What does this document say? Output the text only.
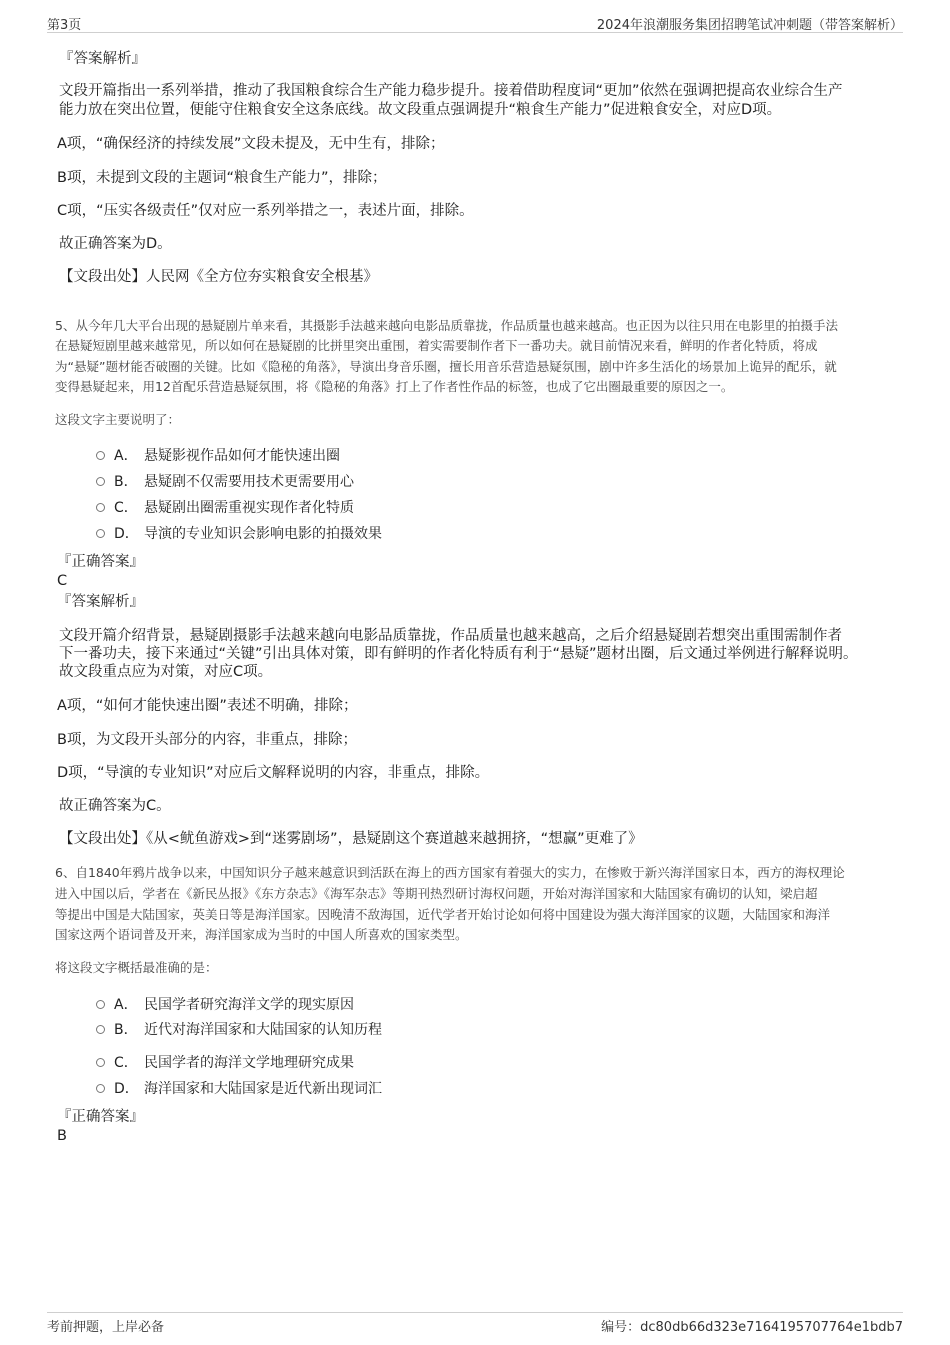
第3页	2024年浪潮服务集团招聘笔试冲刺题（带答案解析）
『答案解析』
文段开篇指出一系列举措，推动了我国粮食综合生产能力稳步提升。接着借助程度词“更加”依然在强调把提高农业综合生产
能力放在突出位置，便能守住粮食安全这条底线。故文段重点强调提升“粮食生产能力”促进粮食安全，对应D项。
A项，“确保经济的持续发展”文段未提及，无中生有，排除；
B项，未提到文段的主题词“粮食生产能力”，排除；
C项，“压实各级责任”仅对应一系列举措之一，表述片面，排除。
故正确答案为D。
【文段出处】人民网《全方位夯实粮食安全根基》
5、从今年几大平台出现的悬疑剧片单来看，其摄影手法越来越向电影品质靠拢，作品质量也越来越高。也正因为以往只用在电影里的拍摄手法
在悬疑短剧里越来越常见，所以如何在悬疑剧的比拼里突出重围，着实需要制作者下一番功夫。就目前情况来看，鲜明的作者化特质，将成
为“悬疑”题材能否破圈的关键。比如《隐秘的角落》，导演出身音乐圈，擅长用音乐营造悬疑氛围，剧中许多生活化的场景加上诡异的配乐，就
变得悬疑起来，用12首配乐营造悬疑氛围，将《隐秘的角落》打上了作者性作品的标签，也成了它出圈最重要的原因之一。
这段文字主要说明了：
A． 悬疑影视作品如何才能快速出圈
B． 悬疑剧不仅需要用技术更需要用心
C． 悬疑剧出圈需重视实现作者化特质
D． 导演的专业知识会影响电影的拍摄效果
『正确答案』
C
『答案解析』
文段开篇介绍背景，悬疑剧摄影手法越来越向电影品质靠拢，作品质量也越来越高，之后介绍悬疑剧若想突出重围需制作者
下一番功夫，接下来通过“关键”引出具体对策，即有鲜明的作者化特质有利于“悬疑”题材出圈，后文通过举例进行解释说明。
故文段重点应为对策，对应C项。
A项，“如何才能快速出圈”表述不明确，排除；
B项，为文段开头部分的内容，非重点，排除；
D项，“导演的专业知识”对应后文解释说明的内容，非重点，排除。
故正确答案为C。
【文段出处】《从<鱿鱼游戏>到“迷雾剧场”，悬疑剧这个赛道越来越拥挤，“想赢”更难了》
6、自1840年鸦片战争以来，中国知识分子越来越意识到活跃在海上的西方国家有着强大的实力，在惨败于新兴海洋国家日本，西方的海权理论
进入中国以后，学者在《新民丛报》《东方杂志》《海军杂志》等期刊热烈研讨海权问题，开始对海洋国家和大陆国家有确切的认知，梁启超
等提出中国是大陆国家，英美日等是海洋国家。因晚清不敌海国，近代学者开始讨论如何将中国建设为强大海洋国家的议题，大陆国家和海洋
国家这两个语词普及开来，海洋国家成为当时的中国人所喜欢的国家类型。
将这段文字概括最准确的是：
A． 民国学者研究海洋文学的现实原因
B． 近代对海洋国家和大陆国家的认知历程
C． 民国学者的海洋文学地理研究成果
D． 海洋国家和大陆国家是近代新出现词汇
『正确答案』
B
考前押题，上岸必备	编号：dc80db66d323e7164195707764e1bdb7
